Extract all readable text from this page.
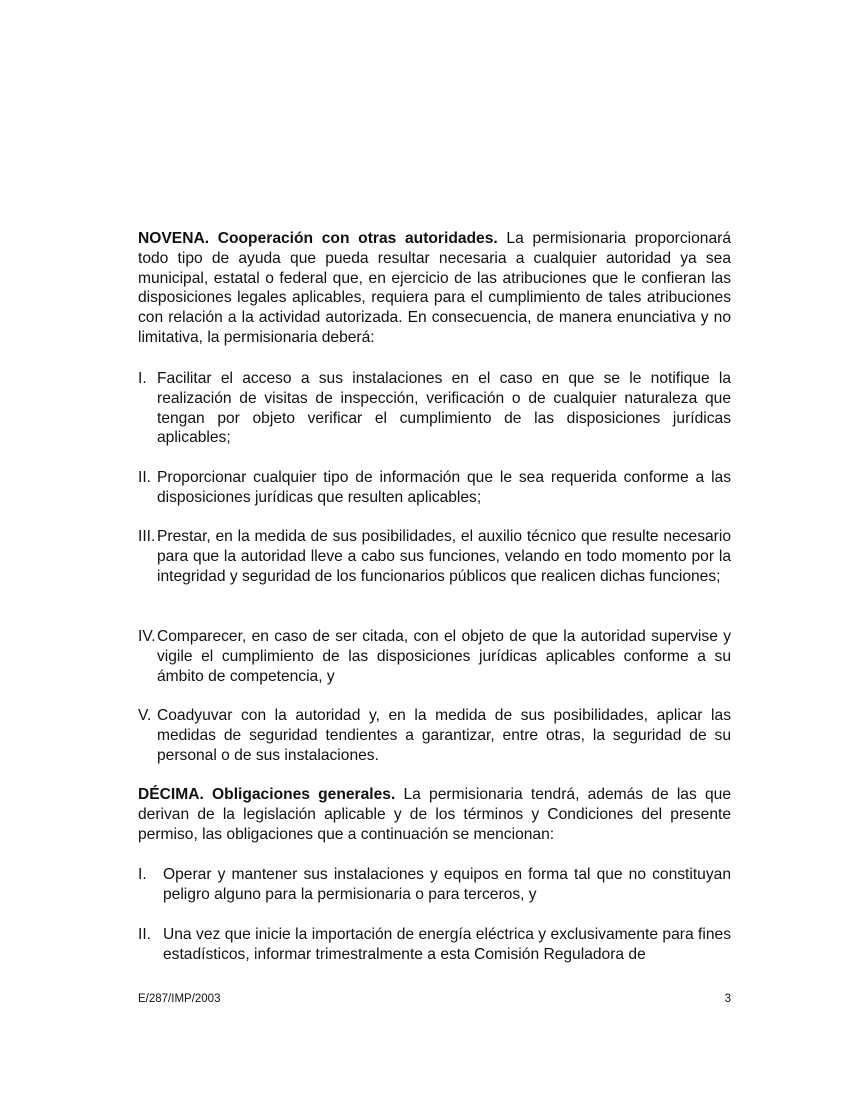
NOVENA. Cooperación con otras autoridades. La permisionaria proporcionará todo tipo de ayuda que pueda resultar necesaria a cualquier autoridad ya sea municipal, estatal o federal que, en ejercicio de las atribuciones que le confieran las disposiciones legales aplicables, requiera para el cumplimiento de tales atribuciones con relación a la actividad autorizada. En consecuencia, de manera enunciativa y no limitativa, la permisionaria deberá:

I. Facilitar el acceso a sus instalaciones en el caso en que se le notifique la realización de visitas de inspección, verificación o de cualquier naturaleza que tengan por objeto verificar el cumplimiento de las disposiciones jurídicas aplicables;
II. Proporcionar cualquier tipo de información que le sea requerida conforme a las disposiciones jurídicas que resulten aplicables;
III. Prestar, en la medida de sus posibilidades, el auxilio técnico que resulte necesario para que la autoridad lleve a cabo sus funciones, velando en todo momento por la integridad y seguridad de los funcionarios públicos que realicen dichas funciones;
IV. Comparecer, en caso de ser citada, con el objeto de que la autoridad supervise y vigile el cumplimiento de las disposiciones jurídicas aplicables conforme a su ámbito de competencia, y
V. Coadyuvar con la autoridad y, en la medida de sus posibilidades, aplicar las medidas de seguridad tendientes a garantizar, entre otras, la seguridad de su personal o de sus instalaciones.

DÉCIMA. Obligaciones generales. La permisionaria tendrá, además de las que derivan de la legislación aplicable y de los términos y Condiciones del presente permiso, las obligaciones que a continuación se mencionan:

I. Operar y mantener sus instalaciones y equipos en forma tal que no constituyan peligro alguno para la permisionaria o para terceros, y
II. Una vez que inicie la importación de energía eléctrica y exclusivamente para fines estadísticos, informar trimestralmente a esta Comisión Reguladora de
E/287/IMP/2003	3
